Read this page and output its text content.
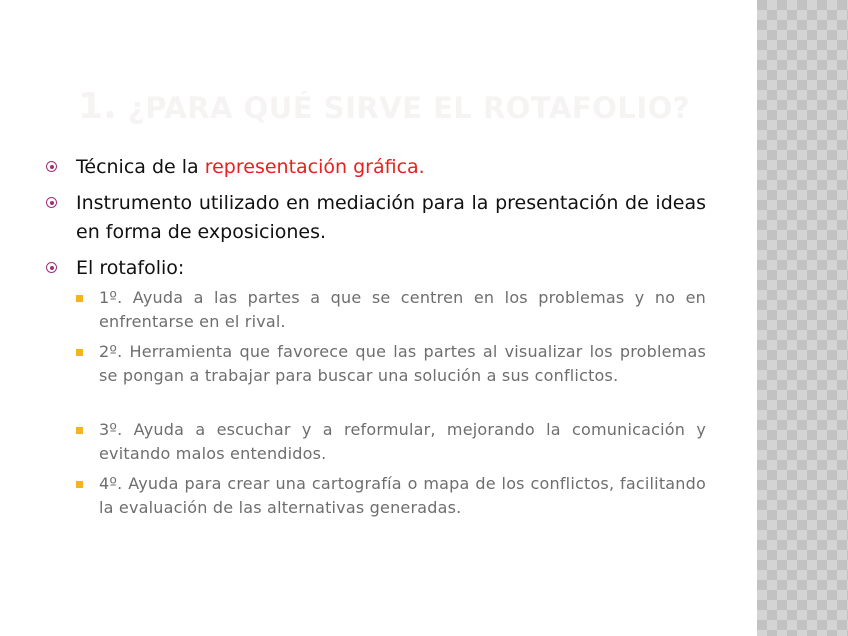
1. ¿PARA QUÉ SIRVE EL ROTAFOLIO?
Técnica de la representación gráfica.
Instrumento utilizado en mediación para la presentación de ideas en forma de exposiciones.
El rotafolio:
1º. Ayuda a las partes a que se centren en los problemas y no en enfrentarse en el rival.
2º. Herramienta que favorece que las partes al visualizar los problemas se pongan a trabajar para buscar una solución a sus conflictos.
3º. Ayuda a escuchar y a reformular, mejorando la comunicación y evitando malos entendidos.
4º. Ayuda para crear una cartografía o mapa de los conflictos, facilitando la evaluación de las alternativas generadas.
